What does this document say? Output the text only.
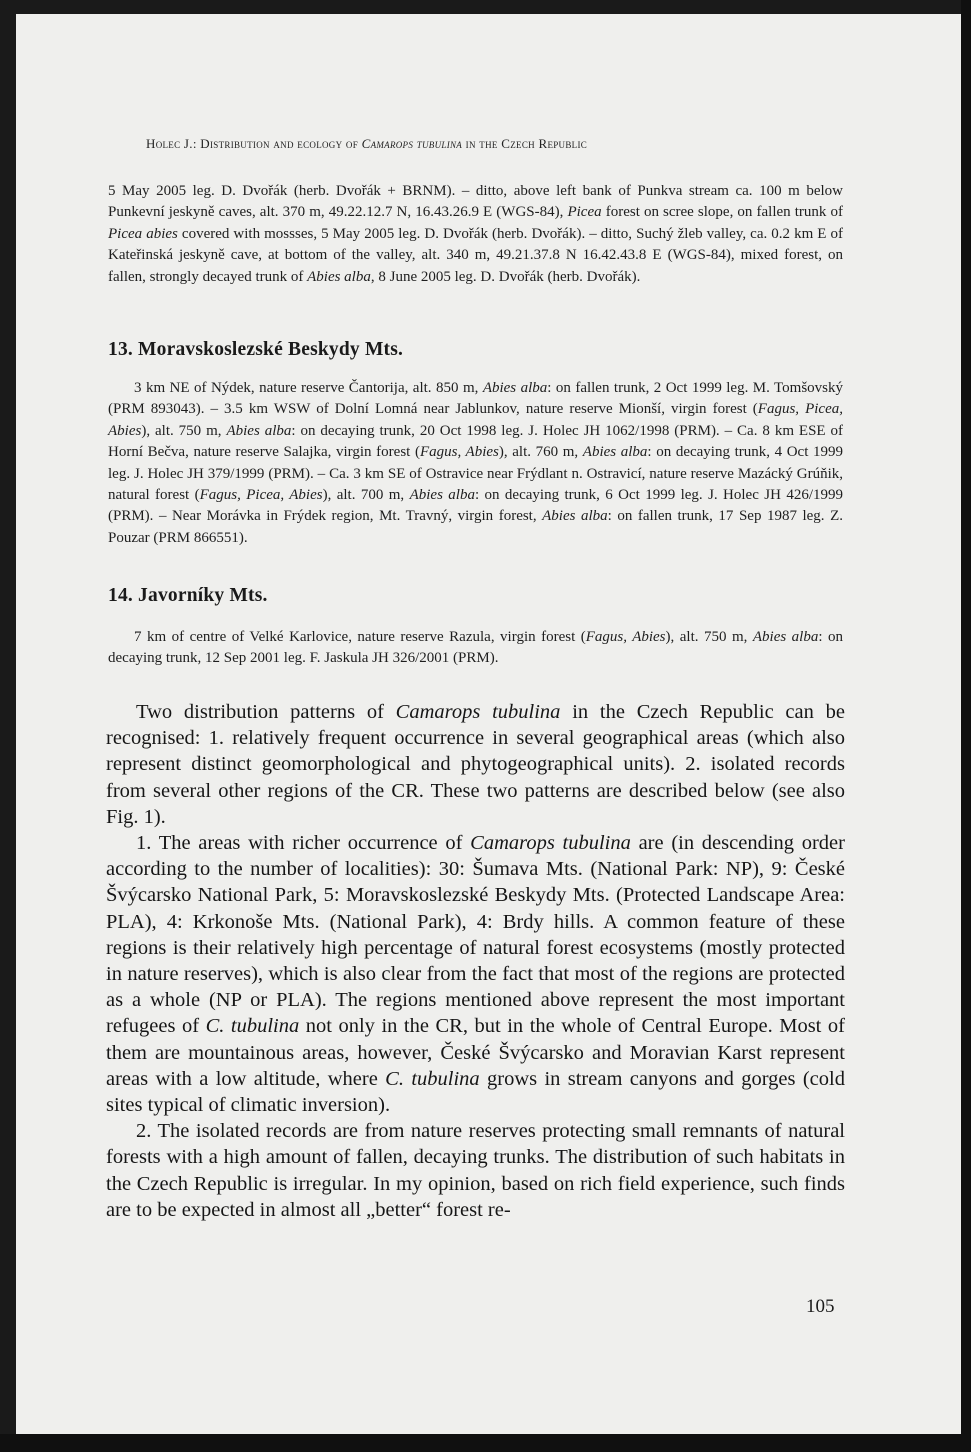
Holec J.: Distribution and ecology of Camarops tubulina in the Czech Republic

5 May 2005 leg. D. Dvořák (herb. Dvořák + BRNM). – ditto, above left bank of Punkva stream ca. 100 m below Punkevní jeskyně caves, alt. 370 m, 49.22.12.7 N, 16.43.26.9 E (WGS-84), Picea forest on scree slope, on fallen trunk of Picea abies covered with mossses, 5 May 2005 leg. D. Dvořák (herb. Dvořák). – ditto, Suchý žleb valley, ca. 0.2 km E of Kateřinská jeskyně cave, at bottom of the valley, alt. 340 m, 49.21.37.8 N 16.42.43.8 E (WGS-84), mixed forest, on fallen, strongly decayed trunk of Abies alba, 8 June 2005 leg. D. Dvořák (herb. Dvořák).

13. Moravskoslezské Beskydy Mts.

3 km NE of Nýdek, nature reserve Čantorija, alt. 850 m, Abies alba: on fallen trunk, 2 Oct 1999 leg. M. Tomšovský (PRM 893043). – 3.5 km WSW of Dolní Lomná near Jablunkov, nature reserve Mionší, virgin forest (Fagus, Picea, Abies), alt. 750 m, Abies alba: on decaying trunk, 20 Oct 1998 leg. J. Holec JH 1062/1998 (PRM). – Ca. 8 km ESE of Horní Bečva, nature reserve Salajka, virgin forest (Fagus, Abies), alt. 760 m, Abies alba: on decaying trunk, 4 Oct 1999 leg. J. Holec JH 379/1999 (PRM). – Ca. 3 km SE of Ostravice near Frýdlant n. Ostravicí, nature reserve Mazácký Grúňik, natural forest (Fagus, Picea, Abies), alt. 700 m, Abies alba: on decaying trunk, 6 Oct 1999 leg. J. Holec JH 426/1999 (PRM). – Near Morávka in Frýdek region, Mt. Travný, virgin forest, Abies alba: on fallen trunk, 17 Sep 1987 leg. Z. Pouzar (PRM 866551).

14. Javorníky Mts.

7 km of centre of Velké Karlovice, nature reserve Razula, virgin forest (Fagus, Abies), alt. 750 m, Abies alba: on decaying trunk, 12 Sep 2001 leg. F. Jaskula JH 326/2001 (PRM).

Two distribution patterns of Camarops tubulina in the Czech Republic can be recognised: 1. relatively frequent occurrence in several geographical areas (which also represent distinct geomorphological and phytogeographical units). 2. isolated records from several other regions of the CR. These two patterns are described below (see also Fig. 1).

1. The areas with richer occurrence of Camarops tubulina are (in descending order according to the number of localities): 30: Šumava Mts. (National Park: NP), 9: České Švýcarsko National Park, 5: Moravskoslezské Beskydy Mts. (Protected Landscape Area: PLA), 4: Krkonoše Mts. (National Park), 4: Brdy hills. A common feature of these regions is their relatively high percentage of natural forest ecosystems (mostly protected in nature reserves), which is also clear from the fact that most of the regions are protected as a whole (NP or PLA). The regions mentioned above represent the most important refugees of C. tubulina not only in the CR, but in the whole of Central Europe. Most of them are mountainous areas, however, České Švýcarsko and Moravian Karst represent areas with a low altitude, where C. tubulina grows in stream canyons and gorges (cold sites typical of climatic inversion).

2. The isolated records are from nature reserves protecting small remnants of natural forests with a high amount of fallen, decaying trunks. The distribution of such habitats in the Czech Republic is irregular. In my opinion, based on rich field experience, such finds are to be expected in almost all „better“ forest re-

105
